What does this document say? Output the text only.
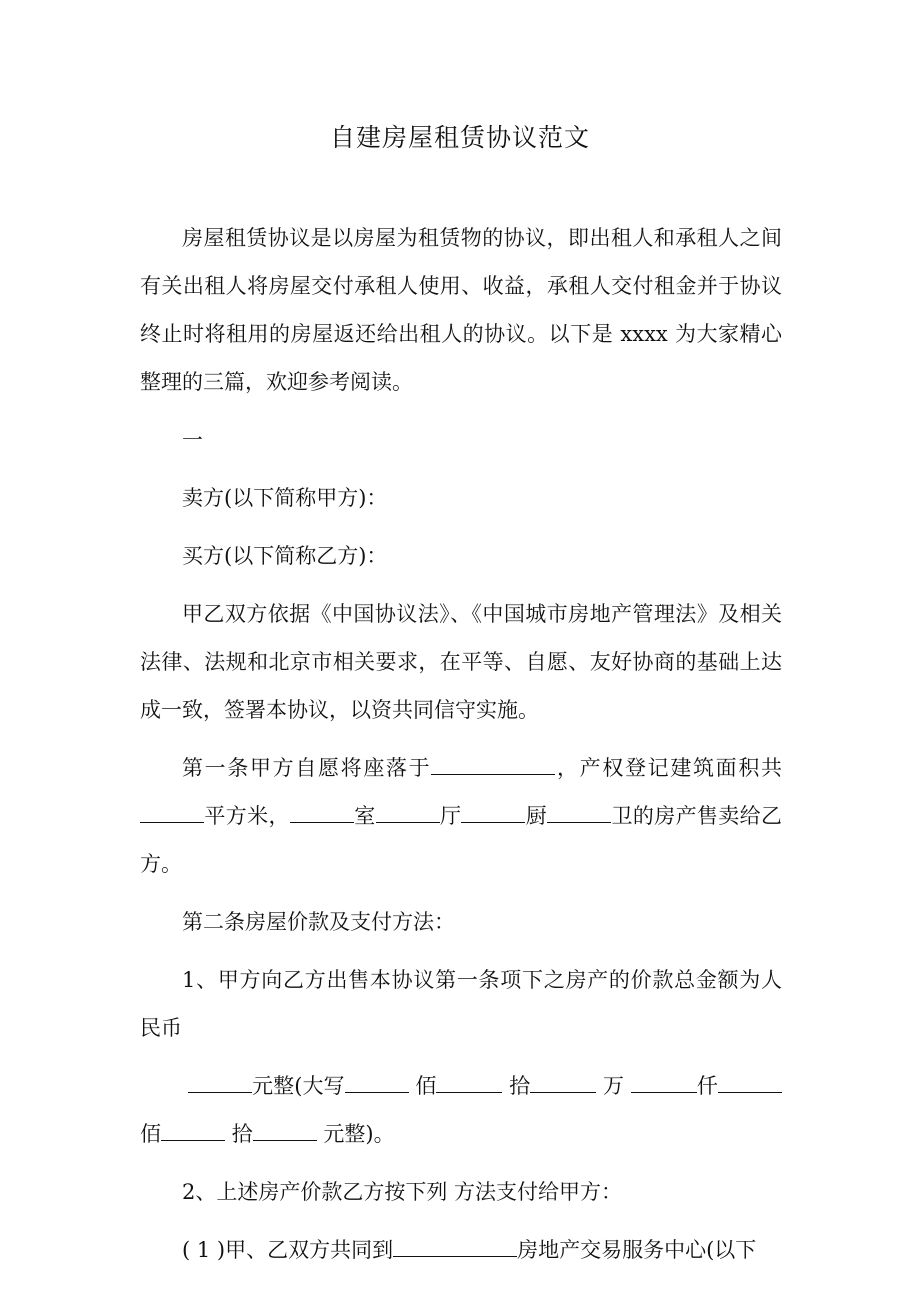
自建房屋租赁协议范文

房屋租赁协议是以房屋为租赁物的协议，即出租人和承租人之间有关出租人将房屋交付承租人使用、收益，承租人交付租金并于协议终止时将租用的房屋返还给出租人的协议。以下是 xxxx 为大家精心整理的三篇，欢迎参考阅读。

一

卖方(以下简称甲方)：

买方(以下简称乙方)：

甲乙双方依据《中国协议法》、《中国城市房地产管理法》及相关法律、法规和北京市相关要求，在平等、自愿、友好协商的基础上达成一致，签署本协议，以资共同信守实施。

第一条甲方自愿将座落于	，产权登记建筑面积共平方米，	室	厅	厨	卫的房产售卖给乙方。

第二条房屋价款及支付方法：

1、甲方向乙方出售本协议第一条项下之房产的价款总金额为人民币

元整(大写	佰	拾	万	仟佰	拾	元整)。

2、上述房产价款乙方按下列 方法支付给甲方：

( 1 )甲、乙双方共同到	房地产交易服务中心(以下
